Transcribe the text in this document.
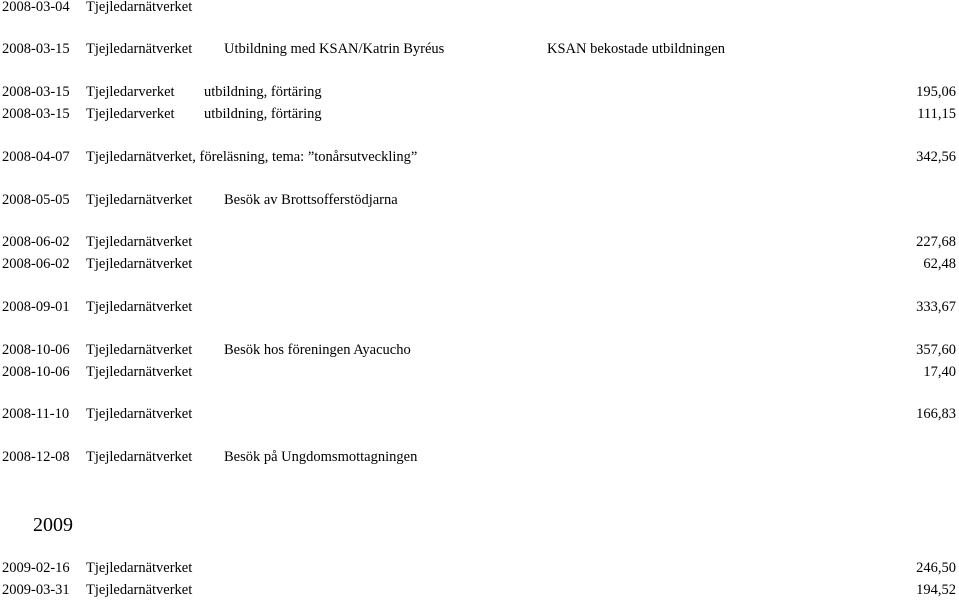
2008-03-04 Tjejledarnätverket
2008-03-15 Tjejledarnätverket Utbildning med KSAN/Katrin Byréus	KSAN bekostade utbildningen
2008-03-15 Tjejledarverket utbildning, förtäring	195,06
2008-03-15 Tjejledarverket utbildning, förtäring	111,15
2008-04-07 Tjejledarnätverket, föreläsning, tema: ”tonårsutveckling”	342,56
2008-05-05 Tjejledarnätverket Besök av Brottsofferstödjarna
2008-06-02 Tjejledarnätverket	227,68
2008-06-02 Tjejledarnätverket	62,48
2008-09-01 Tjejledarnätverket	333,67
2008-10-06 Tjejledarnätverket Besök hos föreningen Ayacucho	357,60
2008-10-06 Tjejledarnätverket	17,40
2008-11-10 Tjejledarnätverket	166,83
2008-12-08 Tjejledarnätverket Besök på Ungdomsmottagningen
2009
2009-02-16 Tjejledarnätverket	246,50
2009-03-31 Tjejledarnätverket	194,52
